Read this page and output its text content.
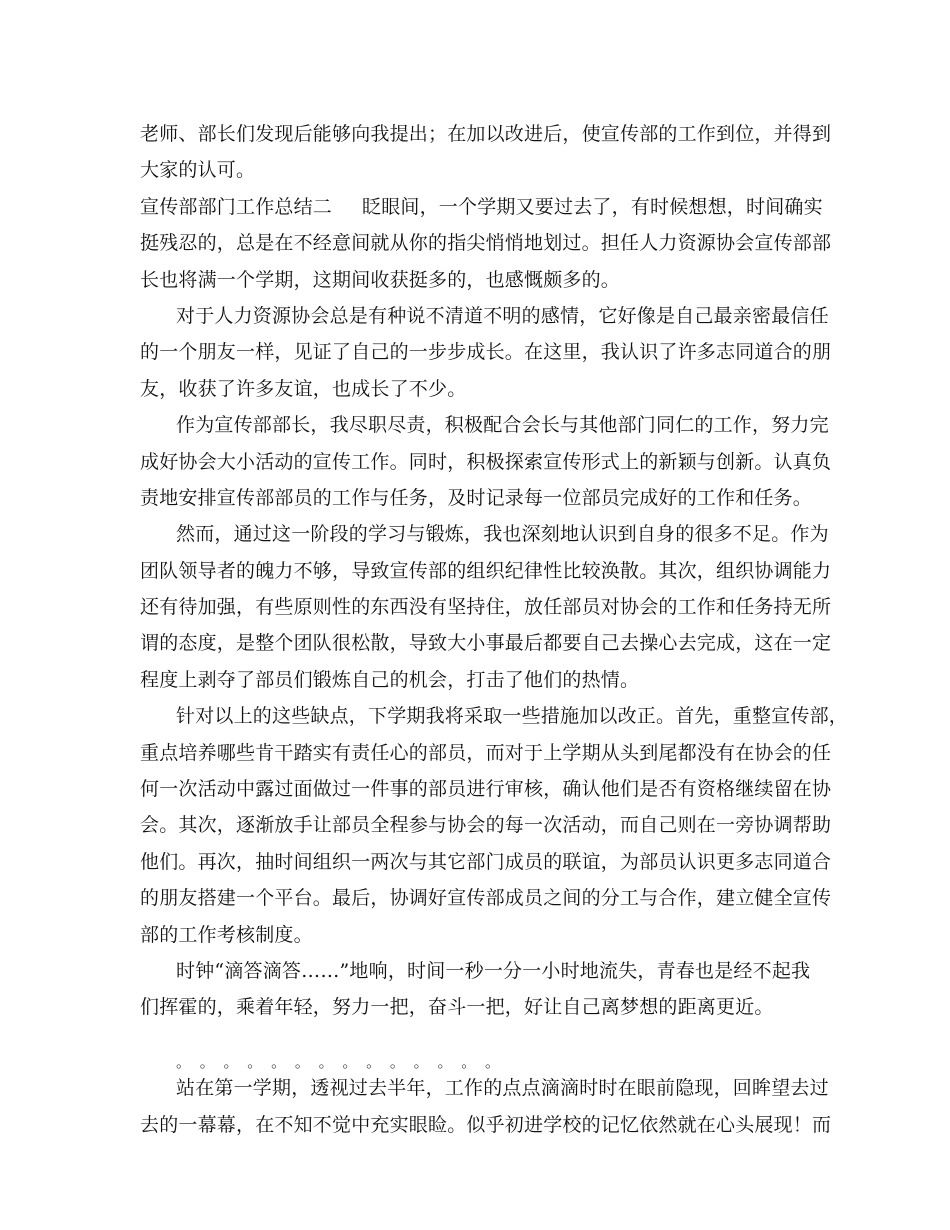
老师、部长们发现后能够向我提出；在加以改进后，使宣传部的工作到位，并得到
大家的认可。
宣传部部门工作总结二 眨眼间，一个学期又要过去了，有时候想想，时间确实
挺残忍的，总是在不经意间就从你的指尖悄悄地划过。担任人力资源协会宣传部部
长也将满一个学期，这期间收获挺多的，也感慨颇多的。
对于人力资源协会总是有种说不清道不明的感情，它好像是自己最亲密最信任
的一个朋友一样，见证了自己的一步步成长。在这里，我认识了许多志同道合的朋
友，收获了许多友谊，也成长了不少。
作为宣传部部长，我尽职尽责，积极配合会长与其他部门同仁的工作，努力完
成好协会大小活动的宣传工作。同时，积极探索宣传形式上的新颖与创新。认真负
责地安排宣传部部员的工作与任务，及时记录每一位部员完成好的工作和任务。
然而，通过这一阶段的学习与锻炼，我也深刻地认识到自身的很多不足。作为
团队领导者的魄力不够，导致宣传部的组织纪律性比较涣散。其次，组织协调能力
还有待加强，有些原则性的东西没有坚持住，放任部员对协会的工作和任务持无所
谓的态度，是整个团队很松散，导致大小事最后都要自己去操心去完成，这在一定
程度上剥夺了部员们锻炼自己的机会，打击了他们的热情。
针对以上的这些缺点，下学期我将采取一些措施加以改正。首先，重整宣传部，
重点培养哪些肯干踏实有责任心的部员，而对于上学期从头到尾都没有在协会的任
何一次活动中露过面做过一件事的部员进行审核，确认他们是否有资格继续留在协
会。其次，逐渐放手让部员全程参与协会的每一次活动，而自己则在一旁协调帮助
他们。再次，抽时间组织一两次与其它部门成员的联谊，为部员认识更多志同道合
的朋友搭建一个平台。最后，协调好宣传部成员之间的分工与合作，建立健全宣传
部的工作考核制度。
时钟“滴答滴答……”地响，时间一秒一分一小时地流失，青春也是经不起我
们挥霍的，乘着年轻，努力一把，奋斗一把，好让自己离梦想的距离更近。
。 。 。 。 。 。 。 。 。 。 。 。 。 。
站在第一学期，透视过去半年，工作的点点滴滴时时在眼前隐现，回眸望去过
去的一幕幕，在不知不觉中充实眼睑。似乎初进学校的记忆依然就在心头展现！而
